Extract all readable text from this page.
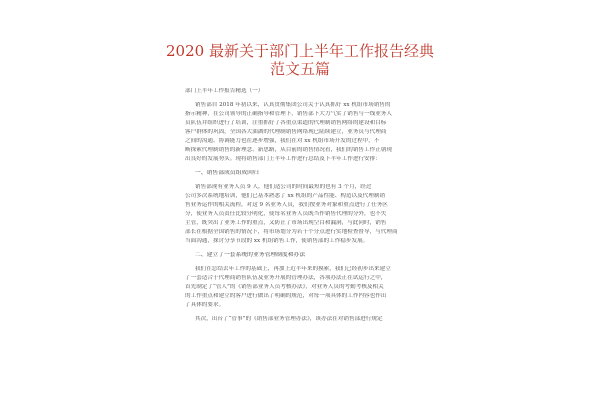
2020 最新关于部门上半年工作报告经典
范文五篇
部门上半年工作报告精选（一）
销售部自 2018 年初以来，认真贯彻集团公司关于认真抓好 xx 机组市场销售的
指示精神，在公司领导的正确指导和管理下，销售部下大力气实了销售与一线业务人
员队伍并组织进行了培训，注重抓好了各重点渠道的代理制销售网络的建设和目标
客户群体的巩固，全国各大油湖的代理制销售网络现已陆续建立，业务员与代理商
之间的沟通、协调能力也在逐步增强，我们在对 xx 机组市场开发的过程中，不
断探索代理制销售的新理念、新思路，从目前的销售情况看，我们的销售工作正朝现
出良好的发展势头。现将销售部门上半年工作进行总结及下半年工作进行安排：
一、销售部成员组成回归
销售部现有业务人员 9 人，他们适公司的时间最短的也有 3 个月，经过
公司多次系统地培训，他们已基本熟悉了 xx 机组的产品性能、构造以及代理制销
售业务运作的相关流程，对这 9 名业务人员，我们按业务对象和重点进行了任务区
分，使业务人员责任比较分明化，使每名业务人员既当作销售代理的分外，也不失
主管，既突出了业务工作的重点，又防止了市场出现空白和漏洞，与此同时，销售
部长在根据全国销售的情况下，将市场划分为若干个分点进行实地检查督导，与代理商
当面沟通，探讨分享节段的 xx 机组销售工作，使销售部的工作稳步发展。
二、建立了一套系统的业务管理制度和办法
我们在总结去年工作的基础上，再加上近半年来的摸索，我们已经初步出来建立
了一套适合于代理商销售队伍及业务开展的管理办法，各项办法正在试运行之中，
首先制定了“管人”的《销售部业务人员考核办法》，对业务人员的考勤考核及相关
的工作重点和建立的客户进行做出了明确的规范，对每一项具体的工作内容也作出
了具体的要求。
其次，出台了“管事”的《销售部业务管理办法》，该办法在对销售部进行规定
